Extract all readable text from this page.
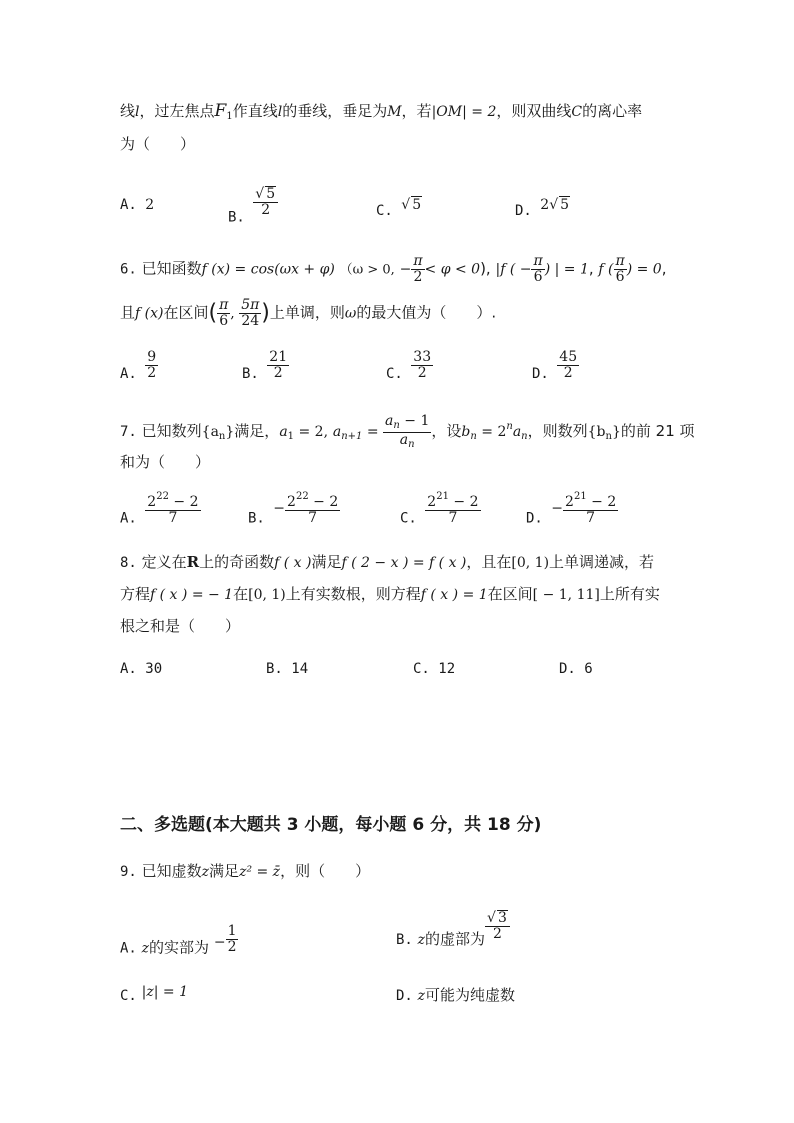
线l，过左焦点$F_1$作直线l的垂线，垂足为M，若|OM| = 2，则双曲线C的离心率
为（　　）
A. 2
B.
$\frac{√ 5}{2}$	C. √ 5	D. 2√ 5
6. 已知函数f (x) = cos(ωx + φ) （ω > 0, − $\frac{\pi}{2} < \varphi < 0$), |f ( − $\frac{\pi}{6}$ ) | = 1, f ( $\frac{\pi}{6}$ ) = 0,
且f (x)在区间( $\frac{\pi}{6}$ , $\frac{5\pi}{24}$ )上单调，则ω的最大值为（　　）.
A. $\frac{9}{2}$	B. $\frac{21}{2}$	C. $\frac{33}{2}$	D. $\frac{45}{2}$
7. 已知数列$\{a_n\}$满足，$a_1 = 2$, $a_{n+1} = \frac{a_n - 1}{a_n}$ ，设$b_n = 2^na_n$，则数列$\{b_n\}$的前 21 项
和为（　　）
A. $\frac{2^{22} - 2}{7}$	B. − $\frac{2^{22} - 2}{7}$	C. $\frac{2^{21} - 2}{7}$	D. − $\frac{2^{21} - 2}{7}$
8. 定义在R上的奇函数f ( x )满足f ( 2 − x ) = f ( x )，且在[0, 1)上单调递减，若
方程f ( x ) = − 1在[0, 1)上有实数根，则方程f ( x ) = 1在区间[ − 1, 11]上所有实
根之和是（　　）
A. 30	B. 14	C. 12	D. 6
二、多选题(本大题共 3 小题，每小题 6 分，共 18 分)
9. 已知虚数z满足z² = z̄，则（　　）
A. z的实部为 − $\frac{1}{2}$	B. z的虚部为 $\frac{√ 3}{2}$
C. |z| = 1	D. z可能为纯虚数
